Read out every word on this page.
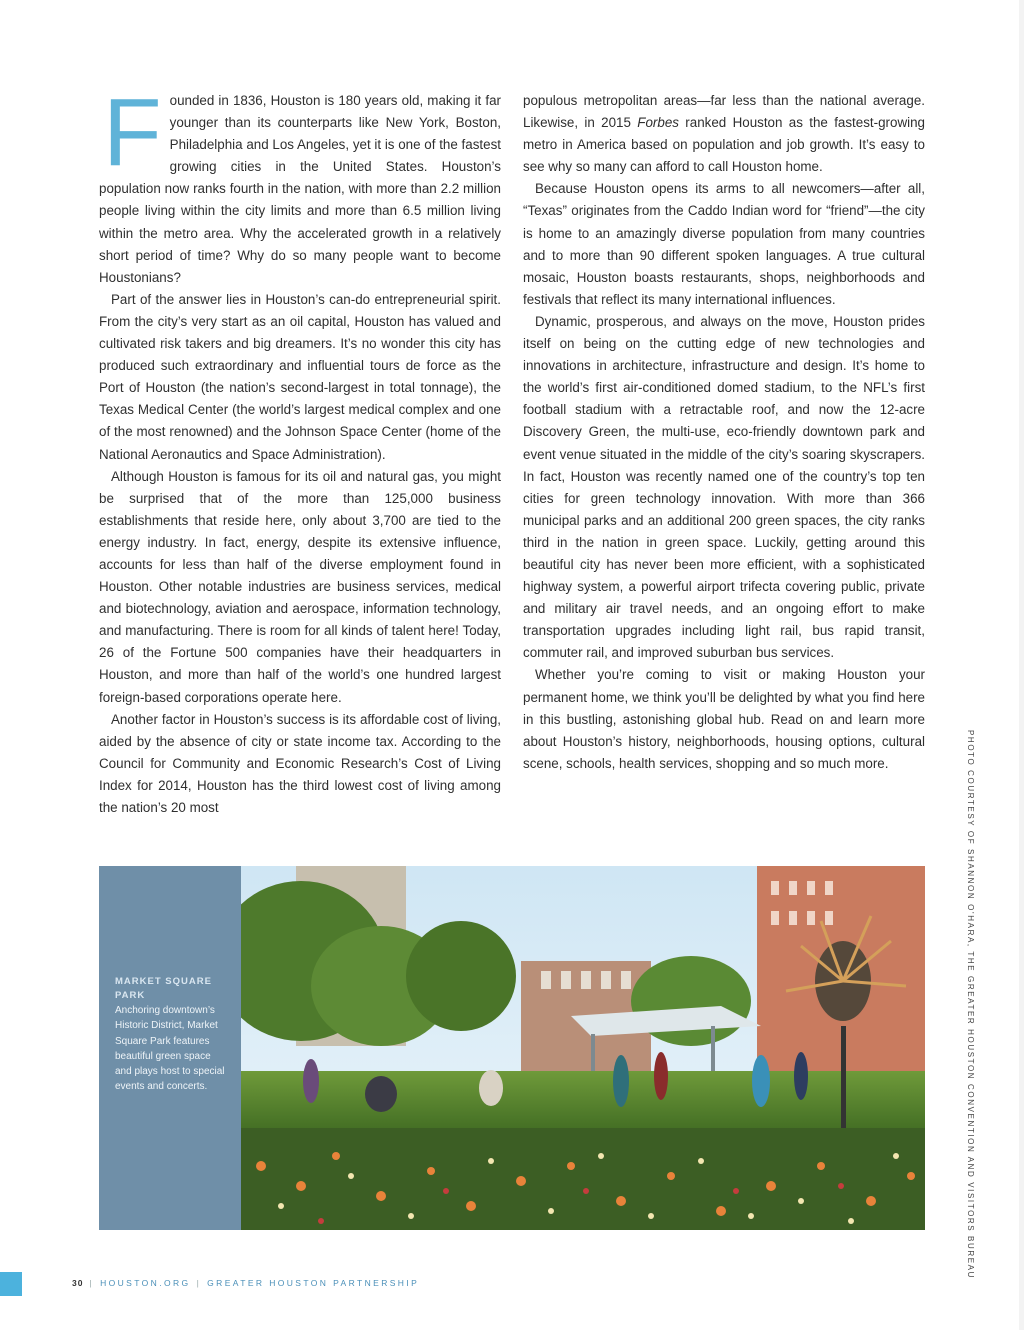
Founded in 1836, Houston is 180 years old, making it far younger than its counterparts like New York, Boston, Philadelphia and Los Angeles, yet it is one of the fastest growing cities in the United States. Houston’s population now ranks fourth in the nation, with more than 2.2 million people living within the city limits and more than 6.5 million living within the metro area. Why the accelerated growth in a relatively short period of time? Why do so many people want to become Houstonians?

Part of the answer lies in Houston’s can-do entrepreneurial spirit. From the city’s very start as an oil capital, Houston has valued and cultivated risk takers and big dreamers. It’s no wonder this city has produced such extraordinary and influential tours de force as the Port of Houston (the nation’s second-largest in total tonnage), the Texas Medical Center (the world’s largest medical complex and one of the most renowned) and the Johnson Space Center (home of the National Aeronautics and Space Administration).

Although Houston is famous for its oil and natural gas, you might be surprised that of the more than 125,000 business establishments that reside here, only about 3,700 are tied to the energy industry. In fact, energy, despite its extensive influence, accounts for less than half of the diverse employment found in Houston. Other notable industries are business services, medical and biotechnology, aviation and aerospace, information technology, and manufacturing. There is room for all kinds of talent here! Today, 26 of the Fortune 500 companies have their headquarters in Houston, and more than half of the world’s one hundred largest foreign-based corporations operate here.

Another factor in Houston’s success is its affordable cost of living, aided by the absence of city or state income tax. According to the Council for Community and Economic Research’s Cost of Living Index for 2014, Houston has the third lowest cost of living among the nation’s 20 most

populous metropolitan areas—far less than the national average. Likewise, in 2015 Forbes ranked Houston as the fastest-growing metro in America based on population and job growth. It’s easy to see why so many can afford to call Houston home.

Because Houston opens its arms to all newcomers—after all, “Texas” originates from the Caddo Indian word for “friend”—the city is home to an amazingly diverse population from many countries and to more than 90 different spoken languages. A true cultural mosaic, Houston boasts restaurants, shops, neighborhoods and festivals that reflect its many international influences.

Dynamic, prosperous, and always on the move, Houston prides itself on being on the cutting edge of new technologies and innovations in architecture, infrastructure and design. It’s home to the world’s first air-conditioned domed stadium, to the NFL’s first football stadium with a retractable roof, and now the 12-acre Discovery Green, the multi-use, eco-friendly downtown park and event venue situated in the middle of the city’s soaring skyscrapers. In fact, Houston was recently named one of the country’s top ten cities for green technology innovation. With more than 366 municipal parks and an additional 200 green spaces, the city ranks third in the nation in green space. Luckily, getting around this beautiful city has never been more efficient, with a sophisticated highway system, a powerful airport trifecta covering public, private and military air travel needs, and an ongoing effort to make transportation upgrades including light rail, bus rapid transit, commuter rail, and improved suburban bus services.

Whether you’re coming to visit or making Houston your permanent home, we think you’ll be delighted by what you find here in this bustling, astonishing global hub. Read on and learn more about Houston’s history, neighborhoods, housing options, cultural scene, schools, health services, shopping and so much more.

MARKET SQUARE PARK
Anchoring downtown’s Historic District, Market Square Park features beautiful green space and plays host to special events and concerts.	PHOTO COURTESY OF SHANNON O’HARA, THE GREATER HOUSTON CONVENTION AND VISITORS BUREAU
30 | HOUSTON.ORG | GREATER HOUSTON PARTNERSHIP
